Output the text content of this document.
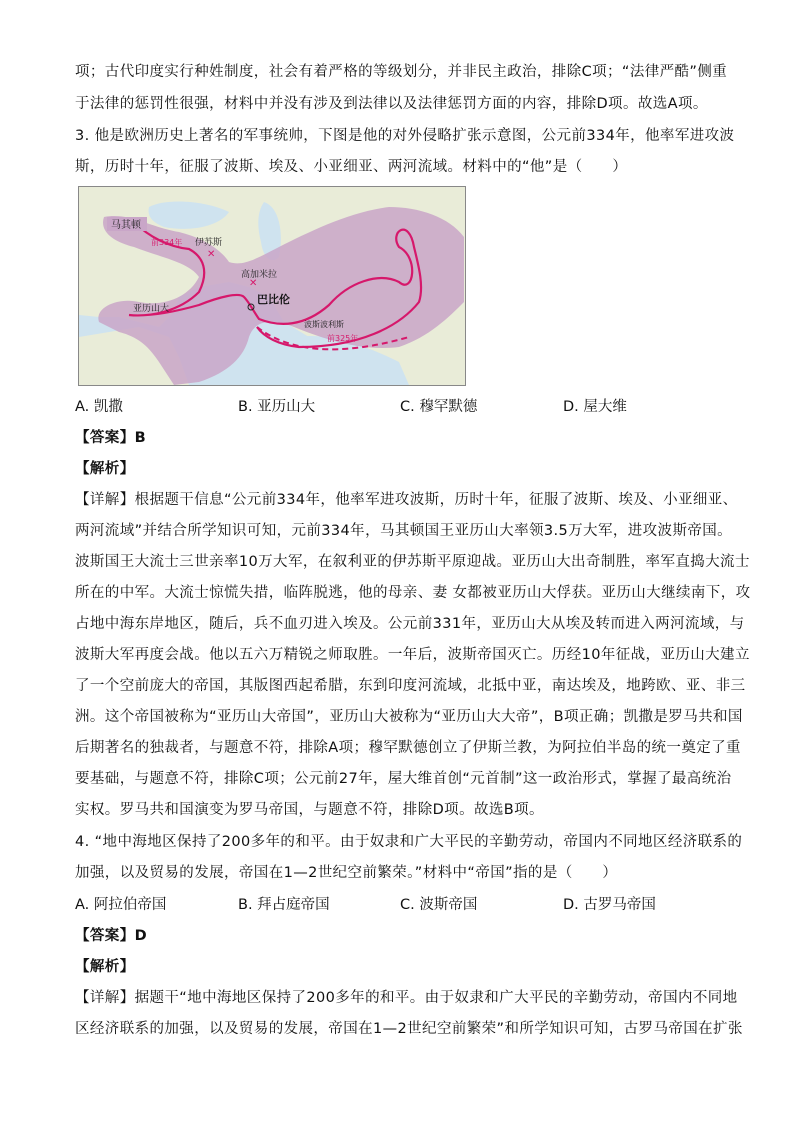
项；古代印度实行种姓制度，社会有着严格的等级划分，并非民主政治，排除C项；“法律严酷”侧重
于法律的惩罚性很强，材料中并没有涉及到法律以及法律惩罚方面的内容，排除D项。故选A项。
3. 他是欧洲历史上著名的军事统帅，下图是他的对外侵略扩张示意图，公元前334年，他率军进攻波
斯，历时十年，征服了波斯、埃及、小亚细亚、两河流域。材料中的“他”是（　　）
马其顿
伊苏斯
高加米拉
巴比伦
亚历山大
波斯波利斯
前334年
前325年
✕
✕
A. 凯撒	B. 亚历山大	C. 穆罕默德	D. 屋大维
【答案】B
【解析】
【详解】根据题干信息“公元前334年，他率军进攻波斯，历时十年，征服了波斯、埃及、小亚细亚、
两河流域”并结合所学知识可知，元前334年，马其顿国王亚历山大率领3.5万大军，进攻波斯帝国。
波斯国王大流士三世亲率10万大军，在叙利亚的伊苏斯平原迎战。亚历山大出奇制胜，率军直捣大流士
所在的中军。大流士惊慌失措，临阵脱逃，他的母亲、妻 女都被亚历山大俘获。亚历山大继续南下，攻
占地中海东岸地区，随后，兵不血刃进入埃及。公元前331年，亚历山大从埃及转而进入两河流域，与
波斯大军再度会战。他以五六万精锐之师取胜。一年后，波斯帝国灭亡。历经10年征战，亚历山大建立
了一个空前庞大的帝国，其版图西起希腊，东到印度河流域，北抵中亚，南达埃及，地跨欧、亚、非三
洲。这个帝国被称为“亚历山大帝国”，亚历山大被称为“亚历山大大帝”，B项正确；凯撒是罗马共和国
后期著名的独裁者，与题意不符，排除A项；穆罕默德创立了伊斯兰教，为阿拉伯半岛的统一奠定了重
要基础，与题意不符，排除C项；公元前27年，屋大维首创“元首制”这一政治形式，掌握了最高统治
实权。罗马共和国演变为罗马帝国，与题意不符，排除D项。故选B项。
4. “地中海地区保持了200多年的和平。由于奴隶和广大平民的辛勤劳动，帝国内不同地区经济联系的
加强，以及贸易的发展，帝国在1—2世纪空前繁荣。”材料中“帝国”指的是（　　）
A. 阿拉伯帝国	B. 拜占庭帝国	C. 波斯帝国	D. 古罗马帝国
【答案】D
【解析】
【详解】据题干“地中海地区保持了200多年的和平。由于奴隶和广大平民的辛勤劳动，帝国内不同地
区经济联系的加强，以及贸易的发展，帝国在1—2世纪空前繁荣”和所学知识可知，古罗马帝国在扩张
